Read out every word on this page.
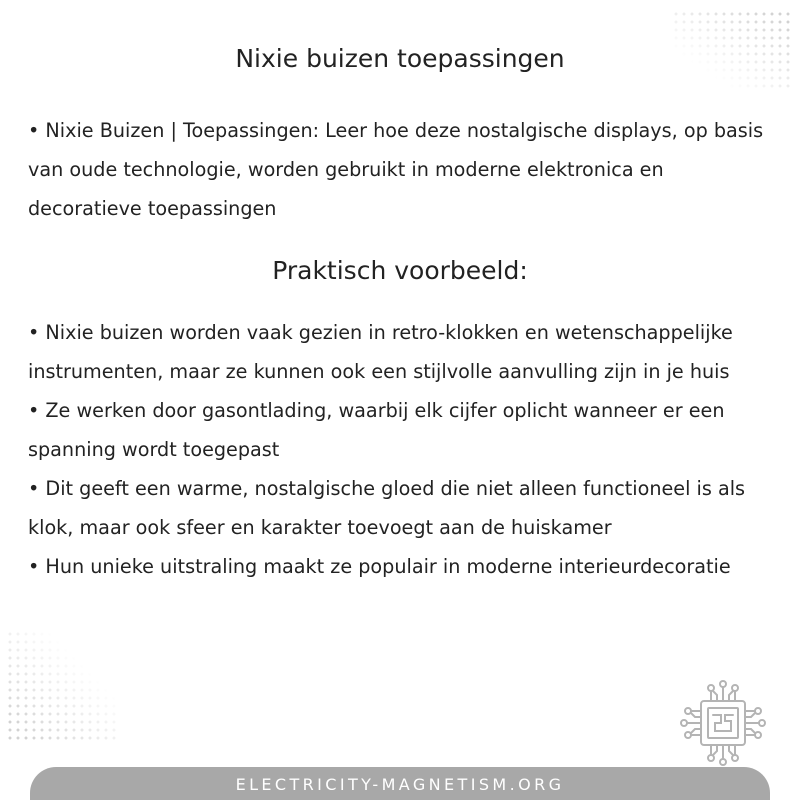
Nixie buizen toepassingen

• Nixie Buizen | Toepassingen: Leer hoe deze nostalgische displays, op basis van oude technologie, worden gebruikt in moderne elektronica en decoratieve toepassingen

Praktisch voorbeeld:

• Nixie buizen worden vaak gezien in retro-klokken en wetenschappelijke instrumenten, maar ze kunnen ook een stijlvolle aanvulling zijn in je huis

• Ze werken door gasontlading, waarbij elk cijfer oplicht wanneer er een spanning wordt toegepast

• Dit geeft een warme, nostalgische gloed die niet alleen functioneel is als klok, maar ook sfeer en karakter toevoegt aan de huiskamer

• Hun unieke uitstraling maakt ze populair in moderne interieurdecoratie

ELECTRICITY-MAGNETISM.ORG
